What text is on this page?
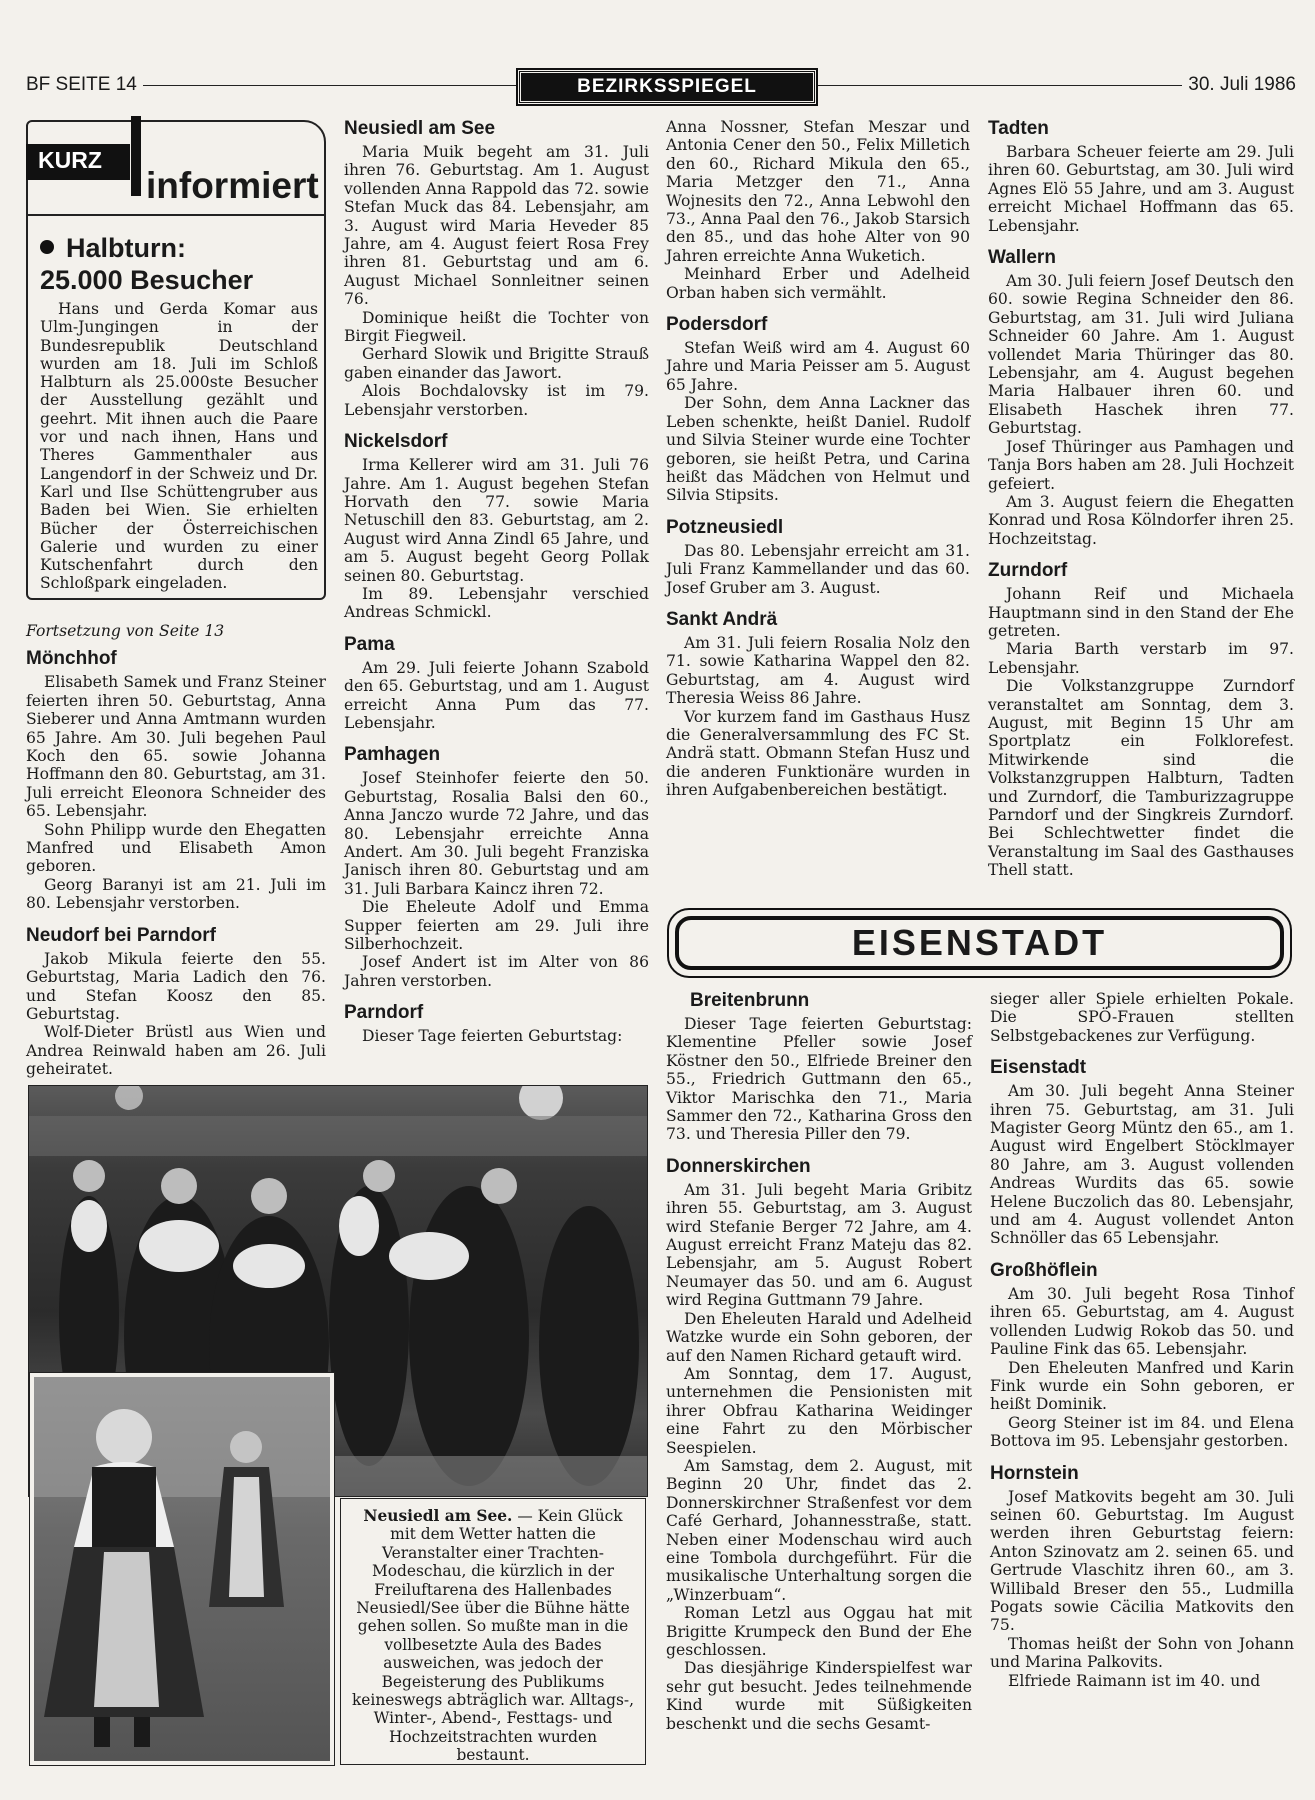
BF SEITE 14	BEZIRKSSPIEGEL	30. Juli 1986
KURZ
informiert
Halbturn:
25.000 Besucher

Hans und Gerda Komar aus Ulm-Jungingen in der Bundesrepublik Deutschland wurden am 18. Juli im Schloß Halbturn als 25.000ste Besucher der Ausstellung gezählt und geehrt. Mit ihnen auch die Paare vor und nach ihnen, Hans und Theres Gammenthaler aus Langendorf in der Schweiz und Dr. Karl und Ilse Schüttengruber aus Baden bei Wien. Sie erhielten Bücher der Österreichischen Galerie und wurden zu einer Kutschenfahrt durch den Schloßpark eingeladen.

Fortsetzung von Seite 13

Mönchhof

Elisabeth Samek und Franz Steiner feierten ihren 50. Geburtstag, Anna Sieberer und Anna Amtmann wurden 65 Jahre. Am 30. Juli begehen Paul Koch den 65. sowie Johanna Hoffmann den 80. Geburtstag, am 31. Juli erreicht Eleonora Schneider des 65. Lebensjahr.

Sohn Philipp wurde den Ehegatten Manfred und Elisabeth Amon geboren.

Georg Baranyi ist am 21. Juli im 80. Lebensjahr verstorben.

Neudorf bei Parndorf

Jakob Mikula feierte den 55. Geburtstag, Maria Ladich den 76. und Stefan Koosz den 85. Geburtstag.

Wolf-Dieter Brüstl aus Wien und Andrea Reinwald haben am 26. Juli geheiratet.

Neusiedl am See

Maria Muik begeht am 31. Juli ihren 76. Geburtstag. Am 1. August vollenden Anna Rappold das 72. sowie Stefan Muck das 84. Lebensjahr, am 3. August wird Maria Heveder 85 Jahre, am 4. August feiert Rosa Frey ihren 81. Geburtstag und am 6. August Michael Sonnleitner seinen 76.

Dominique heißt die Tochter von Birgit Fiegweil.

Gerhard Slowik und Brigitte Strauß gaben einander das Jawort.

Alois Bochdalovsky ist im 79. Lebensjahr verstorben.

Nickelsdorf

Irma Kellerer wird am 31. Juli 76 Jahre. Am 1. August begehen Stefan Horvath den 77. sowie Maria Netuschill den 83. Geburtstag, am 2. August wird Anna Zindl 65 Jahre, und am 5. August begeht Georg Pollak seinen 80. Geburtstag.

Im 89. Lebensjahr verschied Andreas Schmickl.

Pama

Am 29. Juli feierte Johann Szabold den 65. Geburtstag, und am 1. August erreicht Anna Pum das 77. Lebensjahr.

Pamhagen

Josef Steinhofer feierte den 50. Geburtstag, Rosalia Balsi den 60., Anna Janczo wurde 72 Jahre, und das 80. Lebensjahr erreichte Anna Andert. Am 30. Juli begeht Franziska Janisch ihren 80. Geburtstag und am 31. Juli Barbara Kaincz ihren 72.

Die Eheleute Adolf und Emma Supper feierten am 29. Juli ihre Silberhochzeit.

Josef Andert ist im Alter von 86 Jahren verstorben.

Parndorf

Dieser Tage feierten Geburtstag:

Anna Nossner, Stefan Meszar und Antonia Cener den 50., Felix Milletich den 60., Richard Mikula den 65., Maria Metzger den 71., Anna Wojnesits den 72., Anna Lebwohl den 73., Anna Paal den 76., Jakob Starsich den 85., und das hohe Alter von 90 Jahren erreichte Anna Wuketich.

Meinhard Erber und Adelheid Orban haben sich vermählt.

Podersdorf

Stefan Weiß wird am 4. August 60 Jahre und Maria Peisser am 5. August 65 Jahre.

Der Sohn, dem Anna Lackner das Leben schenkte, heißt Daniel. Rudolf und Silvia Steiner wurde eine Tochter geboren, sie heißt Petra, und Carina heißt das Mädchen von Helmut und Silvia Stipsits.

Potzneusiedl

Das 80. Lebensjahr erreicht am 31. Juli Franz Kammellander und das 60. Josef Gruber am 3. August.

Sankt Andrä

Am 31. Juli feiern Rosalia Nolz den 71. sowie Katharina Wappel den 82. Geburtstag, am 4. August wird Theresia Weiss 86 Jahre.

Vor kurzem fand im Gasthaus Husz die Generalversammlung des FC St. Andrä statt. Obmann Stefan Husz und die anderen Funktionäre wurden in ihren Aufgabenbereichen bestätigt.

Tadten

Barbara Scheuer feierte am 29. Juli ihren 60. Geburtstag, am 30. Juli wird Agnes Elö 55 Jahre, und am 3. August erreicht Michael Hoffmann das 65. Lebensjahr.

Wallern

Am 30. Juli feiern Josef Deutsch den 60. sowie Regina Schneider den 86. Geburtstag, am 31. Juli wird Juliana Schneider 60 Jahre. Am 1. August vollendet Maria Thüringer das 80. Lebensjahr, am 4. August begehen Maria Halbauer ihren 60. und Elisabeth Haschek ihren 77. Geburtstag.

Josef Thüringer aus Pamhagen und Tanja Bors haben am 28. Juli Hochzeit gefeiert.

Am 3. August feiern die Ehegatten Konrad und Rosa Kölndorfer ihren 25. Hochzeitstag.

Zurndorf

Johann Reif und Michaela Hauptmann sind in den Stand der Ehe getreten.

Maria Barth verstarb im 97. Lebensjahr.

Die Volkstanzgruppe Zurndorf veranstaltet am Sonntag, dem 3. August, mit Beginn 15 Uhr am Sportplatz ein Folklorefest. Mitwirkende sind die Volkstanzgruppen Halbturn, Tadten und Zurndorf, die Tamburizzagruppe Parndorf und der Singkreis Zurndorf. Bei Schlechtwetter findet die Veranstaltung im Saal des Gasthauses Thell statt.

EISENSTADT
Breitenbrunn

Dieser Tage feierten Geburtstag: Klementine Pfeller sowie Josef Köstner den 50., Elfriede Breiner den 55., Friedrich Guttmann den 65., Viktor Marischka den 71., Maria Sammer den 72., Katharina Gross den 73. und Theresia Piller den 79.

Donnerskirchen

Am 31. Juli begeht Maria Gribitz ihren 55. Geburtstag, am 3. August wird Stefanie Berger 72 Jahre, am 4. August erreicht Franz Mateju das 82. Lebensjahr, am 5. August Robert Neumayer das 50. und am 6. August wird Regina Guttmann 79 Jahre.

Den Eheleuten Harald und Adelheid Watzke wurde ein Sohn geboren, der auf den Namen Richard getauft wird.

Am Sonntag, dem 17. August, unternehmen die Pensionisten mit ihrer Obfrau Katharina Weidinger eine Fahrt zu den Mörbischer Seespielen.

Am Samstag, dem 2. August, mit Beginn 20 Uhr, findet das 2. Donnerskirchner Straßenfest vor dem Café Gerhard, Johannesstraße, statt. Neben einer Modenschau wird auch eine Tombola durchgeführt. Für die musikalische Unterhaltung sorgen die „Winzerbuam“.

Roman Letzl aus Oggau hat mit Brigitte Krumpeck den Bund der Ehe geschlossen.

Das diesjährige Kinderspielfest war sehr gut besucht. Jedes teilnehmende Kind wurde mit Süßigkeiten beschenkt und die sechs Gesamt-

sieger aller Spiele erhielten Pokale. Die SPÖ-Frauen stellten Selbstgebackenes zur Verfügung.

Eisenstadt

Am 30. Juli begeht Anna Steiner ihren 75. Geburtstag, am 31. Juli Magister Georg Müntz den 65., am 1. August wird Engelbert Stöcklmayer 80 Jahre, am 3. August vollenden Andreas Wurdits das 65. sowie Helene Buczolich das 80. Lebensjahr, und am 4. August vollendet Anton Schnöller das 65 Lebensjahr.

Großhöflein

Am 30. Juli begeht Rosa Tinhof ihren 65. Geburtstag, am 4. August vollenden Ludwig Rokob das 50. und Pauline Fink das 65. Lebensjahr.

Den Eheleuten Manfred und Karin Fink wurde ein Sohn geboren, er heißt Dominik.

Georg Steiner ist im 84. und Elena Bottova im 95. Lebensjahr gestorben.

Hornstein

Josef Matkovits begeht am 30. Juli seinen 60. Geburtstag. Im August werden ihren Geburtstag feiern: Anton Szinovatz am 2. seinen 65. und Gertrude Vlaschitz ihren 60., am 3. Willibald Breser den 55., Ludmilla Pogats sowie Cäcilia Matkovits den 75.

Thomas heißt der Sohn von Johann und Marina Palkovits.

Elfriede Raimann ist im 40. und

Neusiedl am See. — Kein Glück mit dem Wetter hatten die Veranstalter einer Trachten-Modeschau, die kürzlich in der Freiluftarena des Hallenbades Neusiedl/See über die Bühne hätte gehen sollen. So mußte man in die vollbesetzte Aula des Bades ausweichen, was jedoch der Begeisterung des Publikums keineswegs abträglich war. Alltags-, Winter-, Abend-, Festtags- und Hochzeitstrachten wurden bestaunt.
